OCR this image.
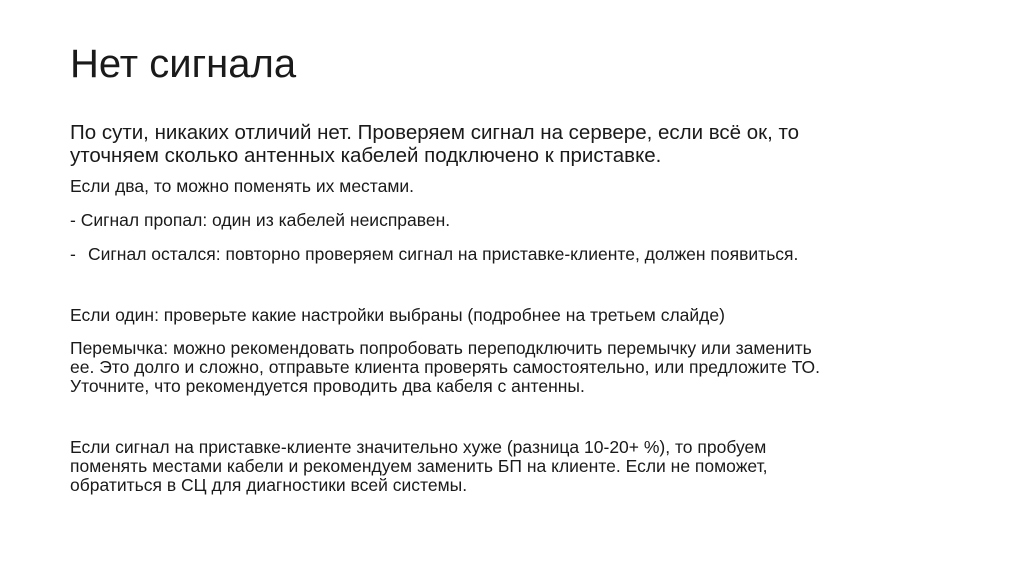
Нет сигнала

По сути, никаких отличий нет. Проверяем сигнал на сервере, если всё ок, то
уточняем сколько антенных кабелей подключено к приставке.

Если два, то можно поменять их местами.

- Сигнал пропал: один из кабелей неисправен.

- Сигнал остался: повторно проверяем сигнал на приставке-клиенте, должен появиться.

Если один: проверьте какие настройки выбраны (подробнее на третьем слайде)

Перемычка: можно рекомендовать попробовать переподключить перемычку или заменить
ее. Это долго и сложно, отправьте клиента проверять самостоятельно, или предложите ТО.
Уточните, что рекомендуется проводить два кабеля с антенны.

Если сигнал на приставке-клиенте значительно хуже (разница 10-20+ %), то пробуем
поменять местами кабели и рекомендуем заменить БП на клиенте. Если не поможет,
обратиться в СЦ для диагностики всей системы.
